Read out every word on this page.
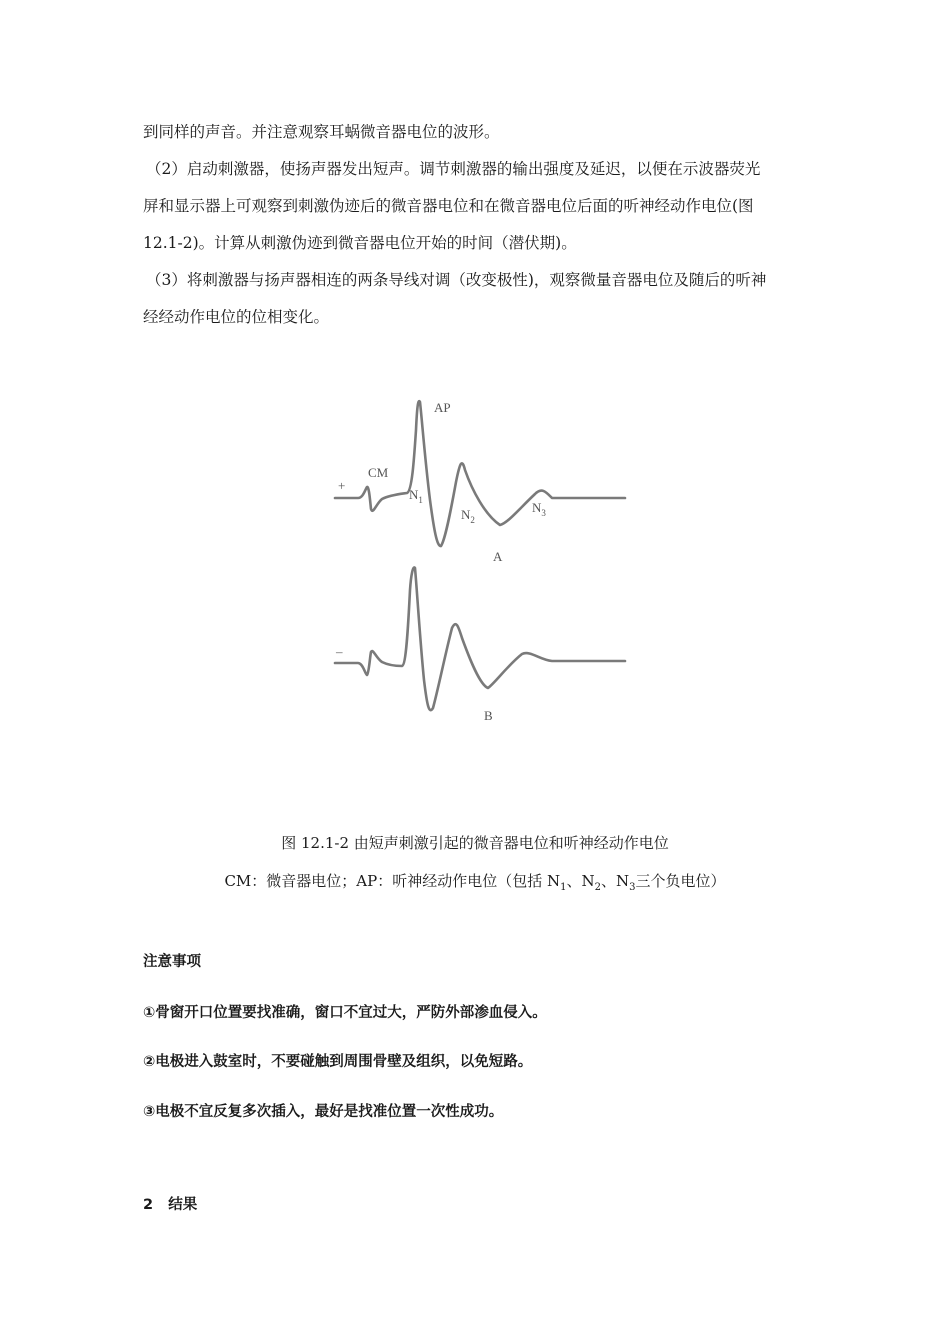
到同样的声音。并注意观察耳蜗微音器电位的波形。
（2）启动刺激器，使扬声器发出短声。调节刺激器的输出强度及延迟，以便在示波器荧光
屏和显示器上可观察到刺激伪迹后的微音器电位和在微音器电位后面的听神经动作电位(图
12.1-2)。计算从刺激伪迹到微音器电位开始的时间（潜伏期)。
（3）将刺激器与扬声器相连的两条导线对调（改变极性)，观察微量音器电位及随后的听神
经经动作电位的位相变化。
+
CM
AP
$N_1$
$N_2$
$N_3$
A
–
B
图 12.1-2 由短声刺激引起的微音器电位和听神经动作电位
CM：微音器电位；AP：听神经动作电位（包括 $N_1$、$N_2$、$N_3$三个负电位）
注意事项
①骨窗开口位置要找准确，窗口不宜过大，严防外部渗血侵入。
②电极进入鼓室时，不要碰触到周围骨壁及组织，以免短路。
③电极不宜反复多次插入，最好是找准位置一次性成功。
2 结果
